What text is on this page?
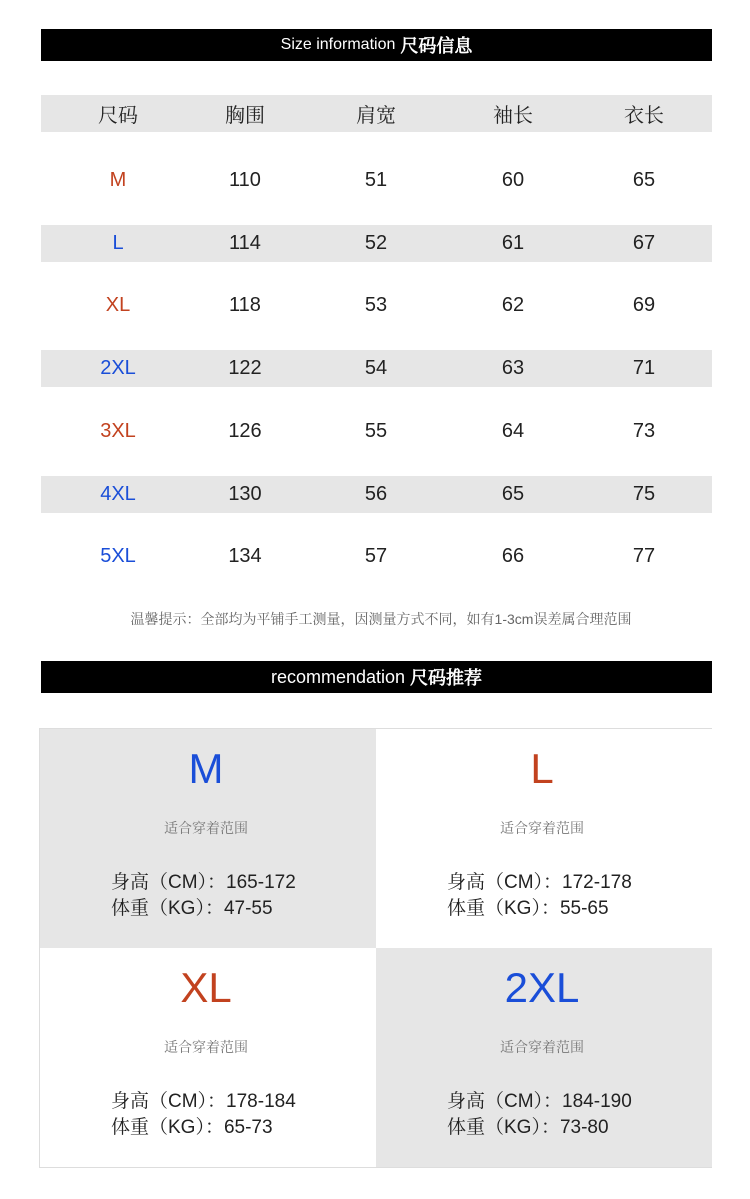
Size information 尺码信息
尺码	胸围	肩宽	袖长	衣长
M	110	51	60	65
L	114	52	61	67
XL	118	53	62	69
2XL	122	54	63	71
3XL	126	55	64	73
4XL	130	56	65	75
5XL	134	57	66	77
温馨提示：全部均为平铺手工测量，因测量方式不同，如有1-3cm误差属合理范围
recommendation 尺码推荐
M
适合穿着范围
身高（CM）：165-172
体重（KG）：47-55
L
适合穿着范围
身高（CM）：172-178
体重（KG）：55-65
XL
适合穿着范围
身高（CM）：178-184
体重（KG）：65-73
2XL
适合穿着范围
身高（CM）：184-190
体重（KG）：73-80
